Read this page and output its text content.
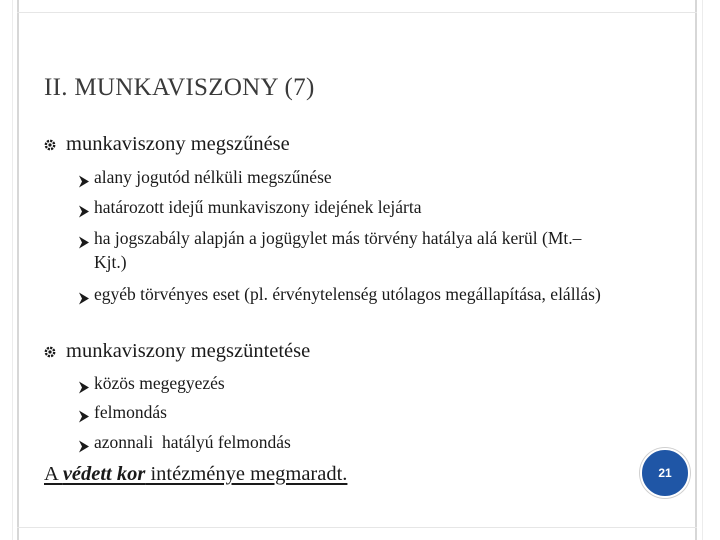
II. MUNKAVISZONY (7)
munkaviszony megszűnése
alany jogutód nélküli megszűnése
határozott idejű munkaviszony idejének lejárta
ha jogszabály alapján a jogügylet más törvény hatálya alá kerül (Mt.– Kjt.)
egyéb törvényes eset (pl. érvénytelenség utólagos megállapítása, elállás)
munkaviszony megszüntetése
közös megegyezés
felmondás
azonnali  hatályú felmondás
A védett kor intézménye megmaradt.	21
